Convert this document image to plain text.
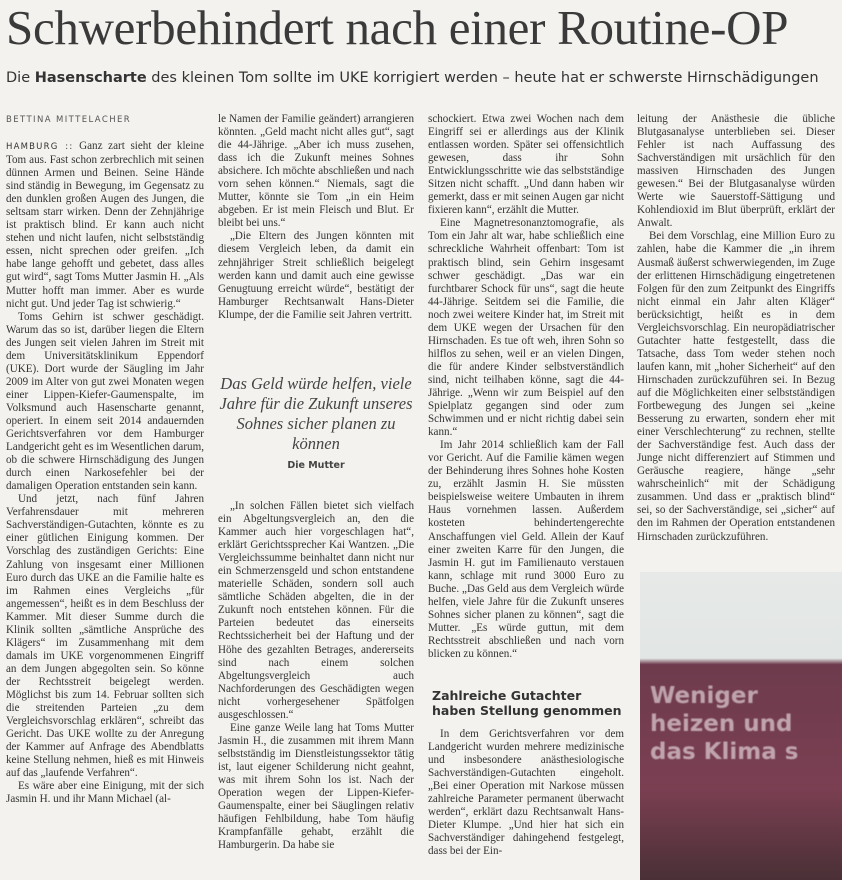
Schwerbehindert nach einer Routine-OP
Die Hasenscharte des kleinen Tom sollte im UKE korrigiert werden – heute hat er schwerste Hirnschädigungen
BETTINA MITTELACHER

HAMBURG :: Ganz zart sieht der kleine Tom aus. Fast schon zerbrechlich mit seinen dünnen Armen und Beinen. Seine Hände sind ständig in Bewegung, im Gegensatz zu den dunklen großen Augen des Jungen, die seltsam starr wirken. Denn der Zehnjährige ist praktisch blind. Er kann auch nicht stehen und nicht laufen, nicht selbstständig essen, nicht sprechen oder greifen. „Ich habe lange gehofft und gebetet, dass alles gut wird“, sagt Toms Mutter Jasmin H. „Als Mutter hofft man immer. Aber es wurde nicht gut. Und jeder Tag ist schwierig.“

Toms Gehirn ist schwer geschädigt. Warum das so ist, darüber liegen die Eltern des Jungen seit vielen Jahren im Streit mit dem Universitätsklinikum Eppendorf (UKE). Dort wurde der Säugling im Jahr 2009 im Alter von gut zwei Monaten wegen einer Lippen-Kiefer-Gaumenspalte, im Volksmund auch Hasenscharte genannt, operiert. In einem seit 2014 andauernden Gerichtsverfahren vor dem Hamburger Landgericht geht es im Wesentlichen darum, ob die schwere Hirnschädigung des Jungen durch einen Narkosefehler bei der damaligen Operation entstanden sein kann.

Und jetzt, nach fünf Jahren Verfahrensdauer mit mehreren Sachverständigen-Gutachten, könnte es zu einer gütlichen Einigung kommen. Der Vorschlag des zuständigen Gerichts: Eine Zahlung von insgesamt einer Millionen Euro durch das UKE an die Familie halte es im Rahmen eines Vergleichs „für angemessen“, heißt es in dem Beschluss der Kammer. Mit dieser Summe durch die Klinik sollten „sämtliche Ansprüche des Klägers“ im Zusammenhang mit dem damals im UKE vorgenommenen Eingriff an dem Jungen abgegolten sein. So könne der Rechtsstreit beigelegt werden. Möglichst bis zum 14. Februar sollten sich die streitenden Parteien „zu dem Vergleichsvorschlag erklären“, schreibt das Gericht. Das UKE wollte zu der Anregung der Kammer auf Anfrage des Abendblatts keine Stellung nehmen, hieß es mit Hinweis auf das „laufende Verfahren“.

Es wäre aber eine Einigung, mit der sich Jasmin H. und ihr Mann Michael (al-

le Namen der Familie geändert) arrangieren könnten. „Geld macht nicht alles gut“, sagt die 44-Jährige. „Aber ich muss zusehen, dass ich die Zukunft meines Sohnes absichere. Ich möchte abschließen und nach vorn sehen können.“ Niemals, sagt die Mutter, könnte sie Tom „in ein Heim abgeben. Er ist mein Fleisch und Blut. Er bleibt bei uns.“

„Die Eltern des Jungen könnten mit diesem Vergleich leben, da damit ein zehnjähriger Streit schließlich beigelegt werden kann und damit auch eine gewisse Genugtuung erreicht würde“, bestätigt der Hamburger Rechtsanwalt Hans-Dieter Klumpe, der die Familie seit Jahren vertritt.

Das Geld würde helfen, viele Jahre für die Zukunft unseres Sohnes sicher planen zu können
Die Mutter

„In solchen Fällen bietet sich vielfach ein Abgeltungsvergleich an, den die Kammer auch hier vorgeschlagen hat“, erklärt Gerichtssprecher Kai Wantzen. „Die Vergleichssumme beinhaltet dann nicht nur ein Schmerzensgeld und schon entstandene materielle Schäden, sondern soll auch sämtliche Schäden abgelten, die in der Zukunft noch entstehen können. Für die Parteien bedeutet das einerseits Rechtssicherheit bei der Haftung und der Höhe des gezahlten Betrages, andererseits sind nach einem solchen Abgeltungsvergleich auch Nachforderungen des Geschädigten wegen nicht vorhergesehener Spätfolgen ausgeschlossen.“

Eine ganze Weile lang hat Toms Mutter Jasmin H., die zusammen mit ihrem Mann selbstständig im Dienstleistungssektor tätig ist, laut eigener Schilderung nicht geahnt, was mit ihrem Sohn los ist. Nach der Operation wegen der Lippen-Kiefer-Gaumenspalte, einer bei Säuglingen relativ häufigen Fehlbildung, habe Tom häufig Krampfanfälle gehabt, erzählt die Hamburgerin. Da habe sie

schockiert. Etwa zwei Wochen nach dem Eingriff sei er allerdings aus der Klinik entlassen worden. Später sei offensichtlich gewesen, dass ihr Sohn Entwicklungsschritte wie das selbstständige Sitzen nicht schafft. „Und dann haben wir gemerkt, dass er mit seinen Augen gar nicht fixieren kann“, erzählt die Mutter.

Eine Magnetresonanztomografie, als Tom ein Jahr alt war, habe schließlich eine schreckliche Wahrheit offenbart: Tom ist praktisch blind, sein Gehirn insgesamt schwer geschädigt. „Das war ein furchtbarer Schock für uns“, sagt die heute 44-Jährige. Seitdem sei die Familie, die noch zwei weitere Kinder hat, im Streit mit dem UKE wegen der Ursachen für den Hirnschaden. Es tue oft weh, ihren Sohn so hilflos zu sehen, weil er an vielen Dingen, die für andere Kinder selbstverständlich sind, nicht teilhaben könne, sagt die 44-Jährige. „Wenn wir zum Beispiel auf den Spielplatz gegangen sind oder zum Schwimmen und er nicht richtig dabei sein kann.“

Im Jahr 2014 schließlich kam der Fall vor Gericht. Auf die Familie kämen wegen der Behinderung ihres Sohnes hohe Kosten zu, erzählt Jasmin H. Sie müssten beispielsweise weitere Umbauten in ihrem Haus vornehmen lassen. Außerdem kosteten behindertengerechte Anschaffungen viel Geld. Allein der Kauf einer zweiten Karre für den Jungen, die Jasmin H. gut im Familienauto verstauen kann, schlage mit rund 3000 Euro zu Buche. „Das Geld aus dem Vergleich würde helfen, viele Jahre für die Zukunft unseres Sohnes sicher planen zu können“, sagt die Mutter. „Es würde guttun, mit dem Rechtsstreit abschließen und nach vorn blicken zu können.“

Zahlreiche Gutachter haben Stellung genommen

In dem Gerichtsverfahren vor dem Landgericht wurden mehrere medizinische und insbesondere anästhesiologische Sachverständigen-Gutachten eingeholt. „Bei einer Operation mit Narkose müssen zahlreiche Parameter permanent überwacht werden“, erklärt dazu Rechtsanwalt Hans-Dieter Klumpe. „Und hier hat sich ein Sachverständiger dahingehend festgelegt, dass bei der Ein-

leitung der Anästhesie die übliche Blutgasanalyse unterblieben sei. Dieser Fehler ist nach Auffassung des Sachverständigen mit ursächlich für den massiven Hirnschaden des Jungen gewesen.“ Bei der Blutgasanalyse würden Werte wie Sauerstoff-Sättigung und Kohlendioxid im Blut überprüft, erklärt der Anwalt.

Bei dem Vorschlag, eine Million Euro zu zahlen, habe die Kammer die „in ihrem Ausmaß äußerst schwerwiegenden, im Zuge der erlittenen Hirnschädigung eingetretenen Folgen für den zum Zeitpunkt des Eingriffs nicht einmal ein Jahr alten Kläger“ berücksichtigt, heißt es in dem Vergleichsvorschlag. Ein neuropädiatrischer Gutachter hatte festgestellt, dass die Tatsache, dass Tom weder stehen noch laufen kann, mit „hoher Sicherheit“ auf den Hirnschaden zurückzuführen sei. In Bezug auf die Möglichkeiten einer selbstständigen Fortbewegung des Jungen sei „keine Besserung zu erwarten, sondern eher mit einer Verschlechterung“ zu rechnen, stellte der Sachverständige fest. Auch dass der Junge nicht differenziert auf Stimmen und Geräusche reagiere, hänge „sehr wahrscheinlich“ mit der Schädigung zusammen. Und dass er „praktisch blind“ sei, so der Sachverständige, sei „sicher“ auf den im Rahmen der Operation entstandenen Hirnschaden zurückzuführen.

Weniger heizen und das Klima s
